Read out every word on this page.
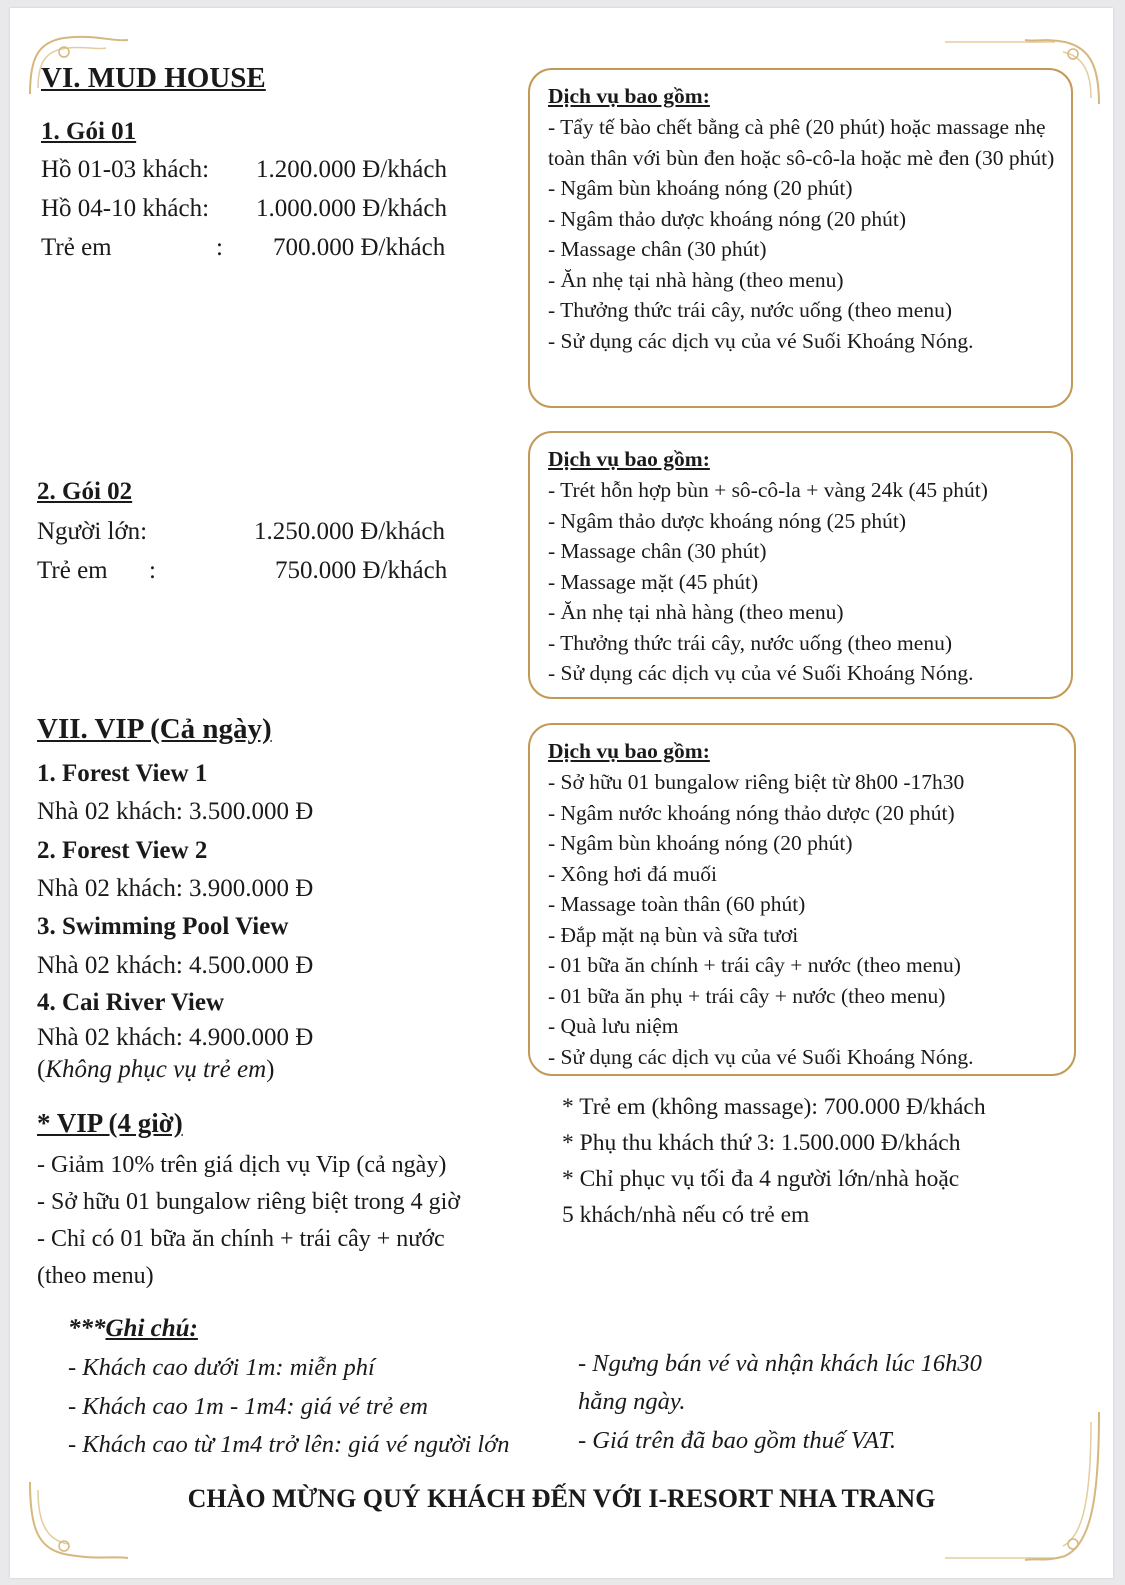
VI. MUD HOUSE
1. Gói 01
Hồ 01-03 khách: 1.200.000 Đ/khách
Hồ 04-10 khách: 1.000.000 Đ/khách
Trẻ em	: 700.000 Đ/khách
Dịch vụ bao gồm:
- Tẩy tế bào chết bằng cà phê (20 phút) hoặc massage nhẹ toàn thân với bùn đen hoặc sô-cô-la hoặc mè đen (30 phút)
- Ngâm bùn khoáng nóng (20 phút)
- Ngâm thảo dược khoáng nóng (20 phút)
- Massage chân (30 phút)
- Ăn nhẹ tại nhà hàng (theo menu)
- Thưởng thức trái cây, nước uống (theo menu)
- Sử dụng các dịch vụ của vé Suối Khoáng Nóng.
2. Gói 02
Người lớn:	1.250.000 Đ/khách
Trẻ em :	750.000 Đ/khách
Dịch vụ bao gồm:
- Trét hỗn hợp bùn + sô-cô-la + vàng 24k (45 phút)
- Ngâm thảo dược khoáng nóng (25 phút)
- Massage chân (30 phút)
- Massage mặt (45 phút)
- Ăn nhẹ tại nhà hàng (theo menu)
- Thưởng thức trái cây, nước uống (theo menu)
- Sử dụng các dịch vụ của vé Suối Khoáng Nóng.
VII. VIP (Cả ngày)
1. Forest View 1
Nhà 02 khách: 3.500.000 Đ
2. Forest View 2
Nhà 02 khách: 3.900.000 Đ
3. Swimming Pool View
Nhà 02 khách: 4.500.000 Đ
4. Cai River View
Nhà 02 khách: 4.900.000 Đ
(Không phục vụ trẻ em)
Dịch vụ bao gồm:
- Sở hữu 01 bungalow riêng biệt từ 8h00 -17h30
- Ngâm nước khoáng nóng thảo dược (20 phút)
- Ngâm bùn khoáng nóng (20 phút)
- Xông hơi đá muối
- Massage toàn thân (60 phút)
- Đắp mặt nạ bùn và sữa tươi
- 01 bữa ăn chính + trái cây + nước (theo menu)
- 01 bữa ăn phụ + trái cây + nước (theo menu)
- Quà lưu niệm
- Sử dụng các dịch vụ của vé Suối Khoáng Nóng.
* Trẻ em (không massage): 700.000 Đ/khách
* Phụ thu khách thứ 3: 1.500.000 Đ/khách
* Chỉ phục vụ tối đa 4 người lớn/nhà hoặc
5 khách/nhà nếu có trẻ em
* VIP (4 giờ)
- Giảm 10% trên giá dịch vụ Vip (cả ngày)
- Sở hữu 01 bungalow riêng biệt trong 4 giờ
- Chỉ có 01 bữa ăn chính + trái cây + nước
(theo menu)
***Ghi chú:
- Khách cao dưới 1m: miễn phí
- Khách cao 1m - 1m4: giá vé trẻ em
- Khách cao từ 1m4 trở lên: giá vé người lớn
- Ngưng bán vé và nhận khách lúc 16h30
hằng ngày.
- Giá trên đã bao gồm thuế VAT.
CHÀO MỪNG QUÝ KHÁCH ĐẾN VỚI I-RESORT NHA TRANG
